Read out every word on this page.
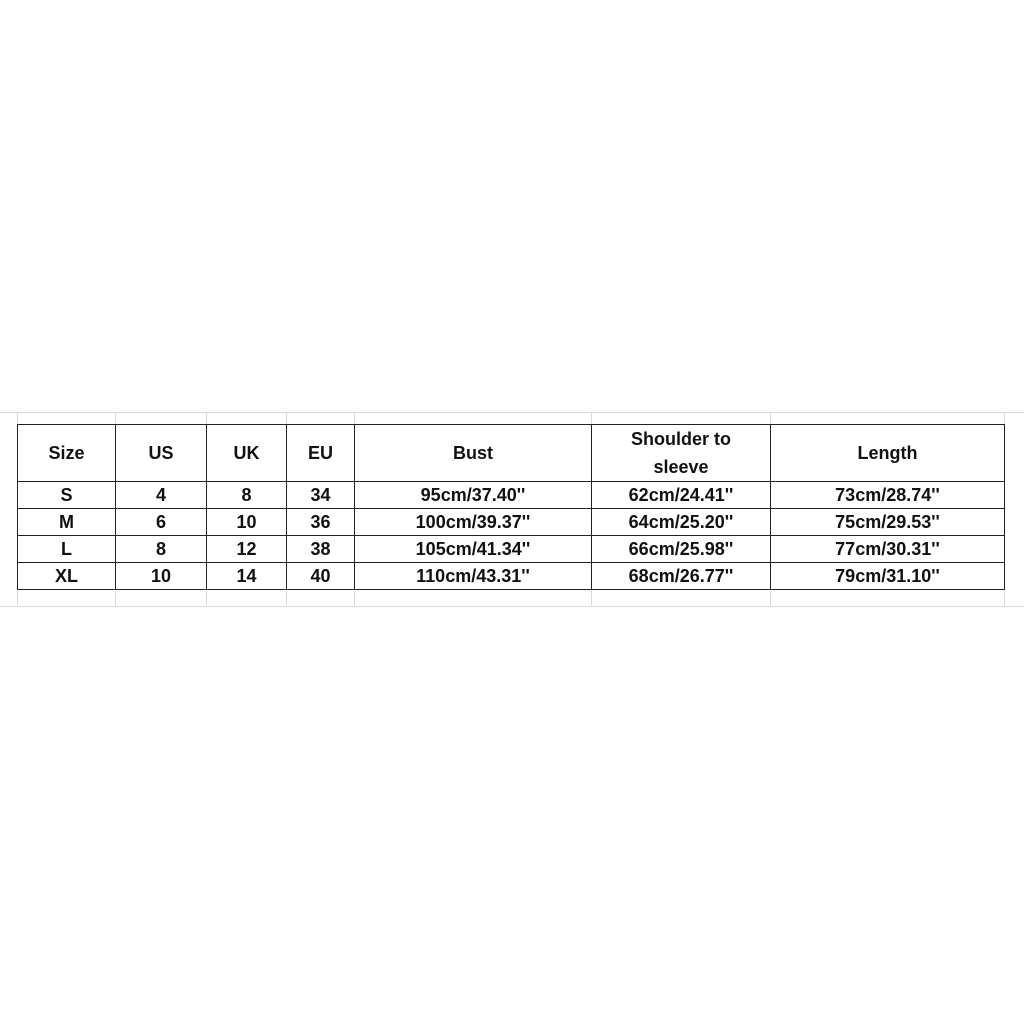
Size	US	UK	EU	Bust	Shoulder to sleeve	Length
S	4	8	34	95cm/37.40''	62cm/24.41''	73cm/28.74''
M	6	10	36	100cm/39.37''	64cm/25.20''	75cm/29.53''
L	8	12	38	105cm/41.34''	66cm/25.98''	77cm/30.31''
XL	10	14	40	110cm/43.31''	68cm/26.77''	79cm/31.10''
